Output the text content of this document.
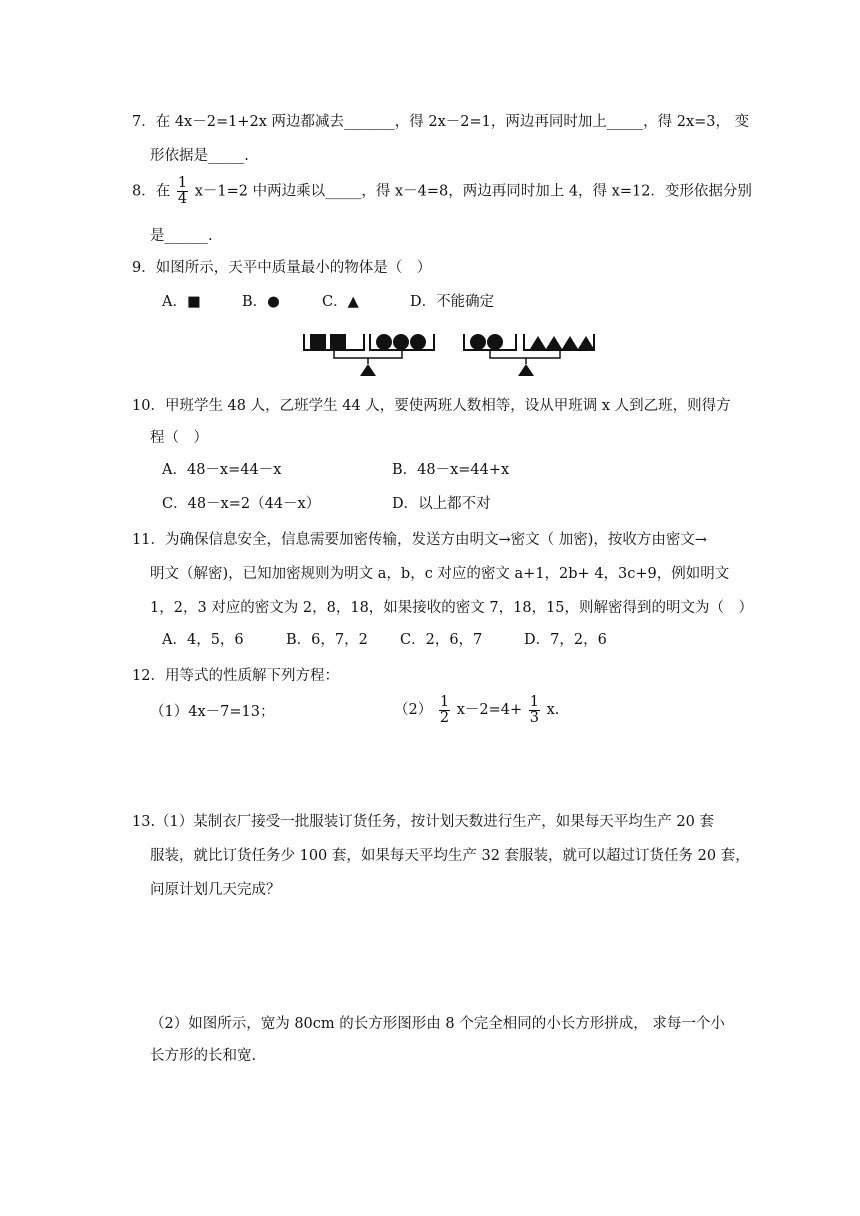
7．在 4x－2=1+2x 两边都减去_______，得 2x－2=1，两边再同时加上_____，得 2x=3， 变
形依据是_____.
8．在 $\frac{1}{4} x-1=2$ 中两边乘以_____，得 x－4=8，两边再同时加上 4，得 x=12．变形依据分别
是______.
9．如图所示，天平中质量最小的物体是（　）
A．■	B．●	C．▲	D．不能确定
10．甲班学生 48 人，乙班学生 44 人，要使两班人数相等，设从甲班调 x 人到乙班，则得方
程（　）
A．48－x=44－x	B．48－x=44+x
C．48－x=2（44－x）	D．以上都不对
11．为确保信息安全，信息需要加密传输，发送方由明文→密文（ 加密)，按收方由密文→
明文（解密)，已知加密规则为明文 a，b，c 对应的密文 a+1，2b+ 4，3c+9，例如明文
1，2，3 对应的密文为 2，8，18，如果接收的密文 7，18，15，则解密得到的明文为（　）
A．4，5，6	B．6，7，2 C．2，6，7	D．7，2，6
12．用等式的性质解下列方程：
（1）4x－7=13；	$(2) \frac{1}{2} x-2=4+ \frac{1}{3} x$.
13.（1）某制衣厂接受一批服装订货任务，按计划天数进行生产，如果每天平均生产 20 套
服装，就比订货任务少 100 套，如果每天平均生产 32 套服装，就可以超过订货任务 20 套，
问原计划几天完成？
（2）如图所示，宽为 80cm 的长方形图形由 8 个完全相同的小长方形拼成， 求每一个小
长方形的长和宽.
